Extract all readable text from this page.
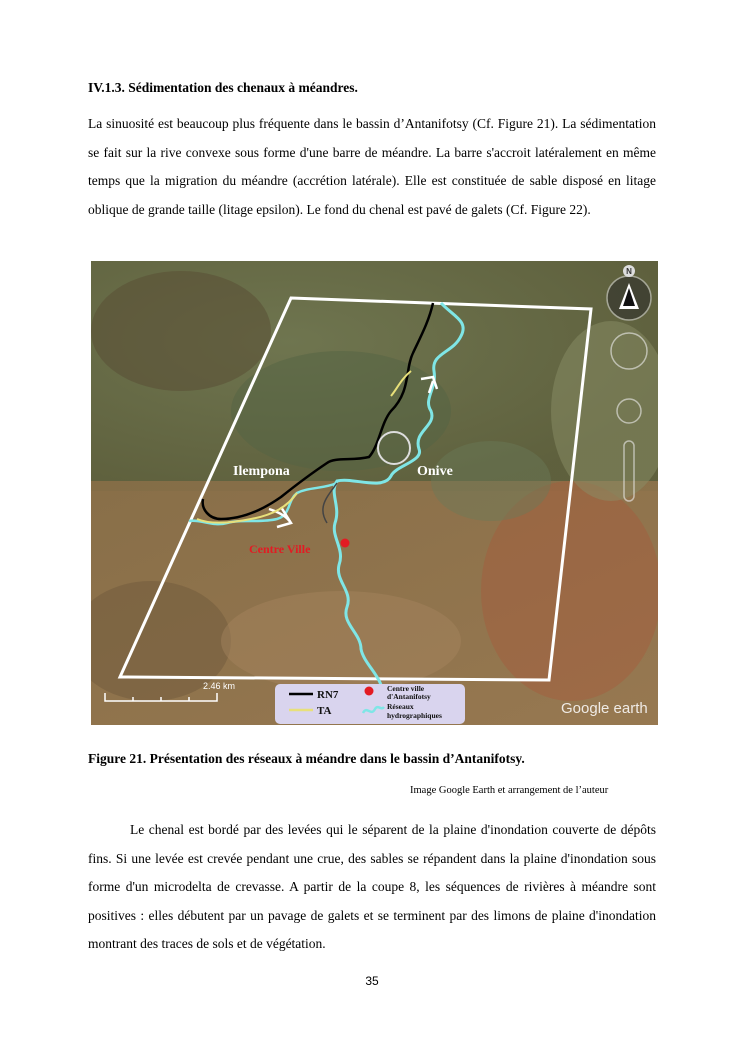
IV.1.3. Sédimentation des chenaux à méandres.

La sinuosité est beaucoup plus fréquente dans le bassin d’Antanifotsy (Cf. Figure 21). La sédimentation se fait sur la rive convexe sous forme d'une barre de méandre. La barre s'accroit latéralement en même temps que la migration du méandre (accrétion latérale). Elle est constituée de sable disposé en litage oblique de grande taille (litage epsilon). Le fond du chenal est pavé de galets (Cf. Figure 22).

Ilempona	Onive
Centre Ville
N
2.46 km
RN7
TA
Centre ville
d'Antanifotsy
Réseaux
hydrographiques	Google earth
Figure 21. Présentation des réseaux à méandre dans le bassin d’Antanifotsy.
Image Google Earth et arrangement de l’auteur

Le chenal est bordé par des levées qui le séparent de la plaine d'inondation couverte de dépôts fins. Si une levée est crevée pendant une crue, des sables se répandent dans la plaine d'inondation sous forme d'un microdelta de crevasse. A partir de la coupe 8, les séquences de rivières à méandre sont positives : elles débutent par un pavage de galets et se terminent par des limons de plaine d'inondation montrant des traces de sols et de végétation.

35
